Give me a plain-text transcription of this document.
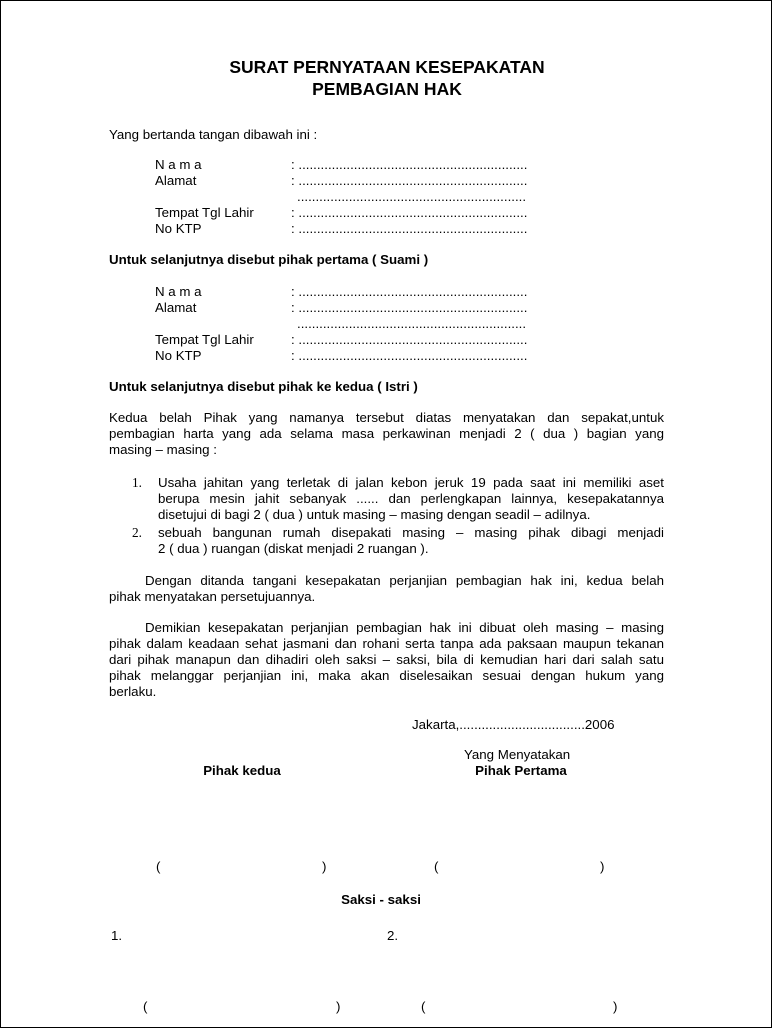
SURAT PERNYATAAN KESEPAKATAN
PEMBAGIAN HAK
Yang bertanda tangan dibawah ini :
N a m a	: ..............................................................
Alamat	: ..............................................................
..............................................................
Tempat Tgl Lahir	: ..............................................................
No KTP	: ..............................................................
Untuk selanjutnya disebut pihak pertama ( Suami )
N a m a	: ..............................................................
Alamat	: ..............................................................
..............................................................
Tempat Tgl Lahir	: ..............................................................
No KTP	: ..............................................................
Untuk selanjutnya disebut pihak ke kedua ( Istri )
Kedua belah Pihak yang namanya tersebut diatas menyatakan dan sepakat,untuk
pembagian harta yang ada selama masa perkawinan menjadi 2 ( dua ) bagian yang
masing – masing :
1. Usaha jahitan yang terletak di jalan kebon jeruk 19 pada saat ini memiliki aset
berupa mesin jahit sebanyak ...... dan perlengkapan lainnya, kesepakatannya
disetujui di bagi 2 ( dua ) untuk masing – masing dengan seadil – adilnya.
2. sebuah bangunan rumah disepakati masing – masing pihak dibagi menjadi
2 ( dua ) ruangan (diskat menjadi 2 ruangan ).
Dengan ditanda tangani kesepakatan perjanjian pembagian hak ini, kedua belah
pihak menyatakan persetujuannya.
Demikian kesepakatan perjanjian pembagian hak ini dibuat oleh masing – masing
pihak dalam keadaan sehat jasmani dan rohani serta tanpa ada paksaan maupun tekanan
dari pihak manapun dan dihadiri oleh saksi – saksi, bila di kemudian hari dari salah satu
pihak melanggar perjanjian ini, maka akan diselesaikan sesuai dengan hukum yang
berlaku.
Jakarta,..................................2006
Yang Menyatakan
Pihak Pertama
Pihak kedua
(	)	(	)
Saksi - saksi
1.	2.
(	)	(	)
